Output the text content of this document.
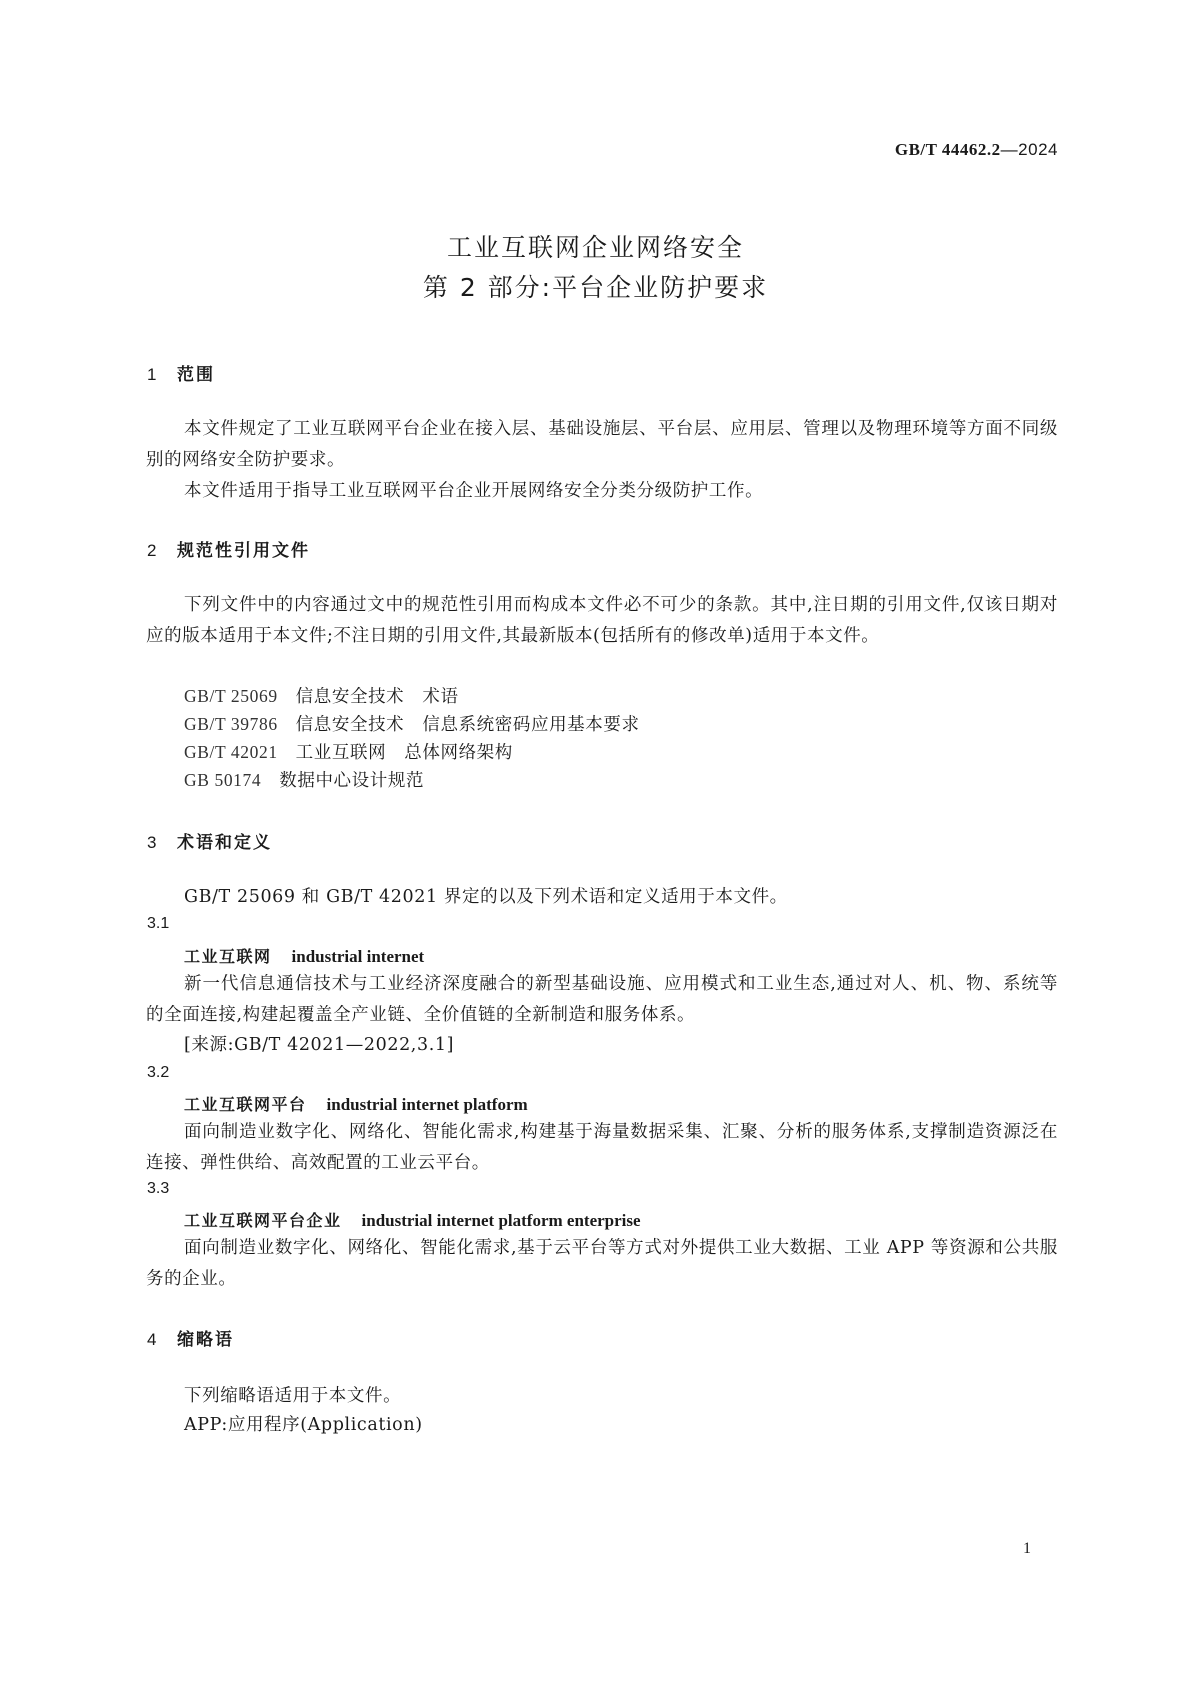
GB/T 44462.2—2024
工业互联网企业网络安全
第 2 部分:平台企业防护要求
1 范围
本文件规定了工业互联网平台企业在接入层、基础设施层、平台层、应用层、管理以及物理环境等方面不同级别的网络安全防护要求。
本文件适用于指导工业互联网平台企业开展网络安全分类分级防护工作。
2 规范性引用文件
下列文件中的内容通过文中的规范性引用而构成本文件必不可少的条款。其中,注日期的引用文件,仅该日期对应的版本适用于本文件;不注日期的引用文件,其最新版本(包括所有的修改单)适用于本文件。
GB/T 25069 信息安全技术　术语
GB/T 39786 信息安全技术　信息系统密码应用基本要求
GB/T 42021 工业互联网　总体网络架构
GB 50174 数据中心设计规范
3 术语和定义
GB/T 25069 和 GB/T 42021 界定的以及下列术语和定义适用于本文件。
3.1
工业互联网 industrial internet
新一代信息通信技术与工业经济深度融合的新型基础设施、应用模式和工业生态,通过对人、机、物、系统等的全面连接,构建起覆盖全产业链、全价值链的全新制造和服务体系。
[来源:GB/T 42021—2022,3.1]
3.2
工业互联网平台 industrial internet platform
面向制造业数字化、网络化、智能化需求,构建基于海量数据采集、汇聚、分析的服务体系,支撑制造资源泛在连接、弹性供给、高效配置的工业云平台。
3.3
工业互联网平台企业 industrial internet platform enterprise
面向制造业数字化、网络化、智能化需求,基于云平台等方式对外提供工业大数据、工业 APP 等资源和公共服务的企业。
4 缩略语
下列缩略语适用于本文件。
APP:应用程序(Application)
1
